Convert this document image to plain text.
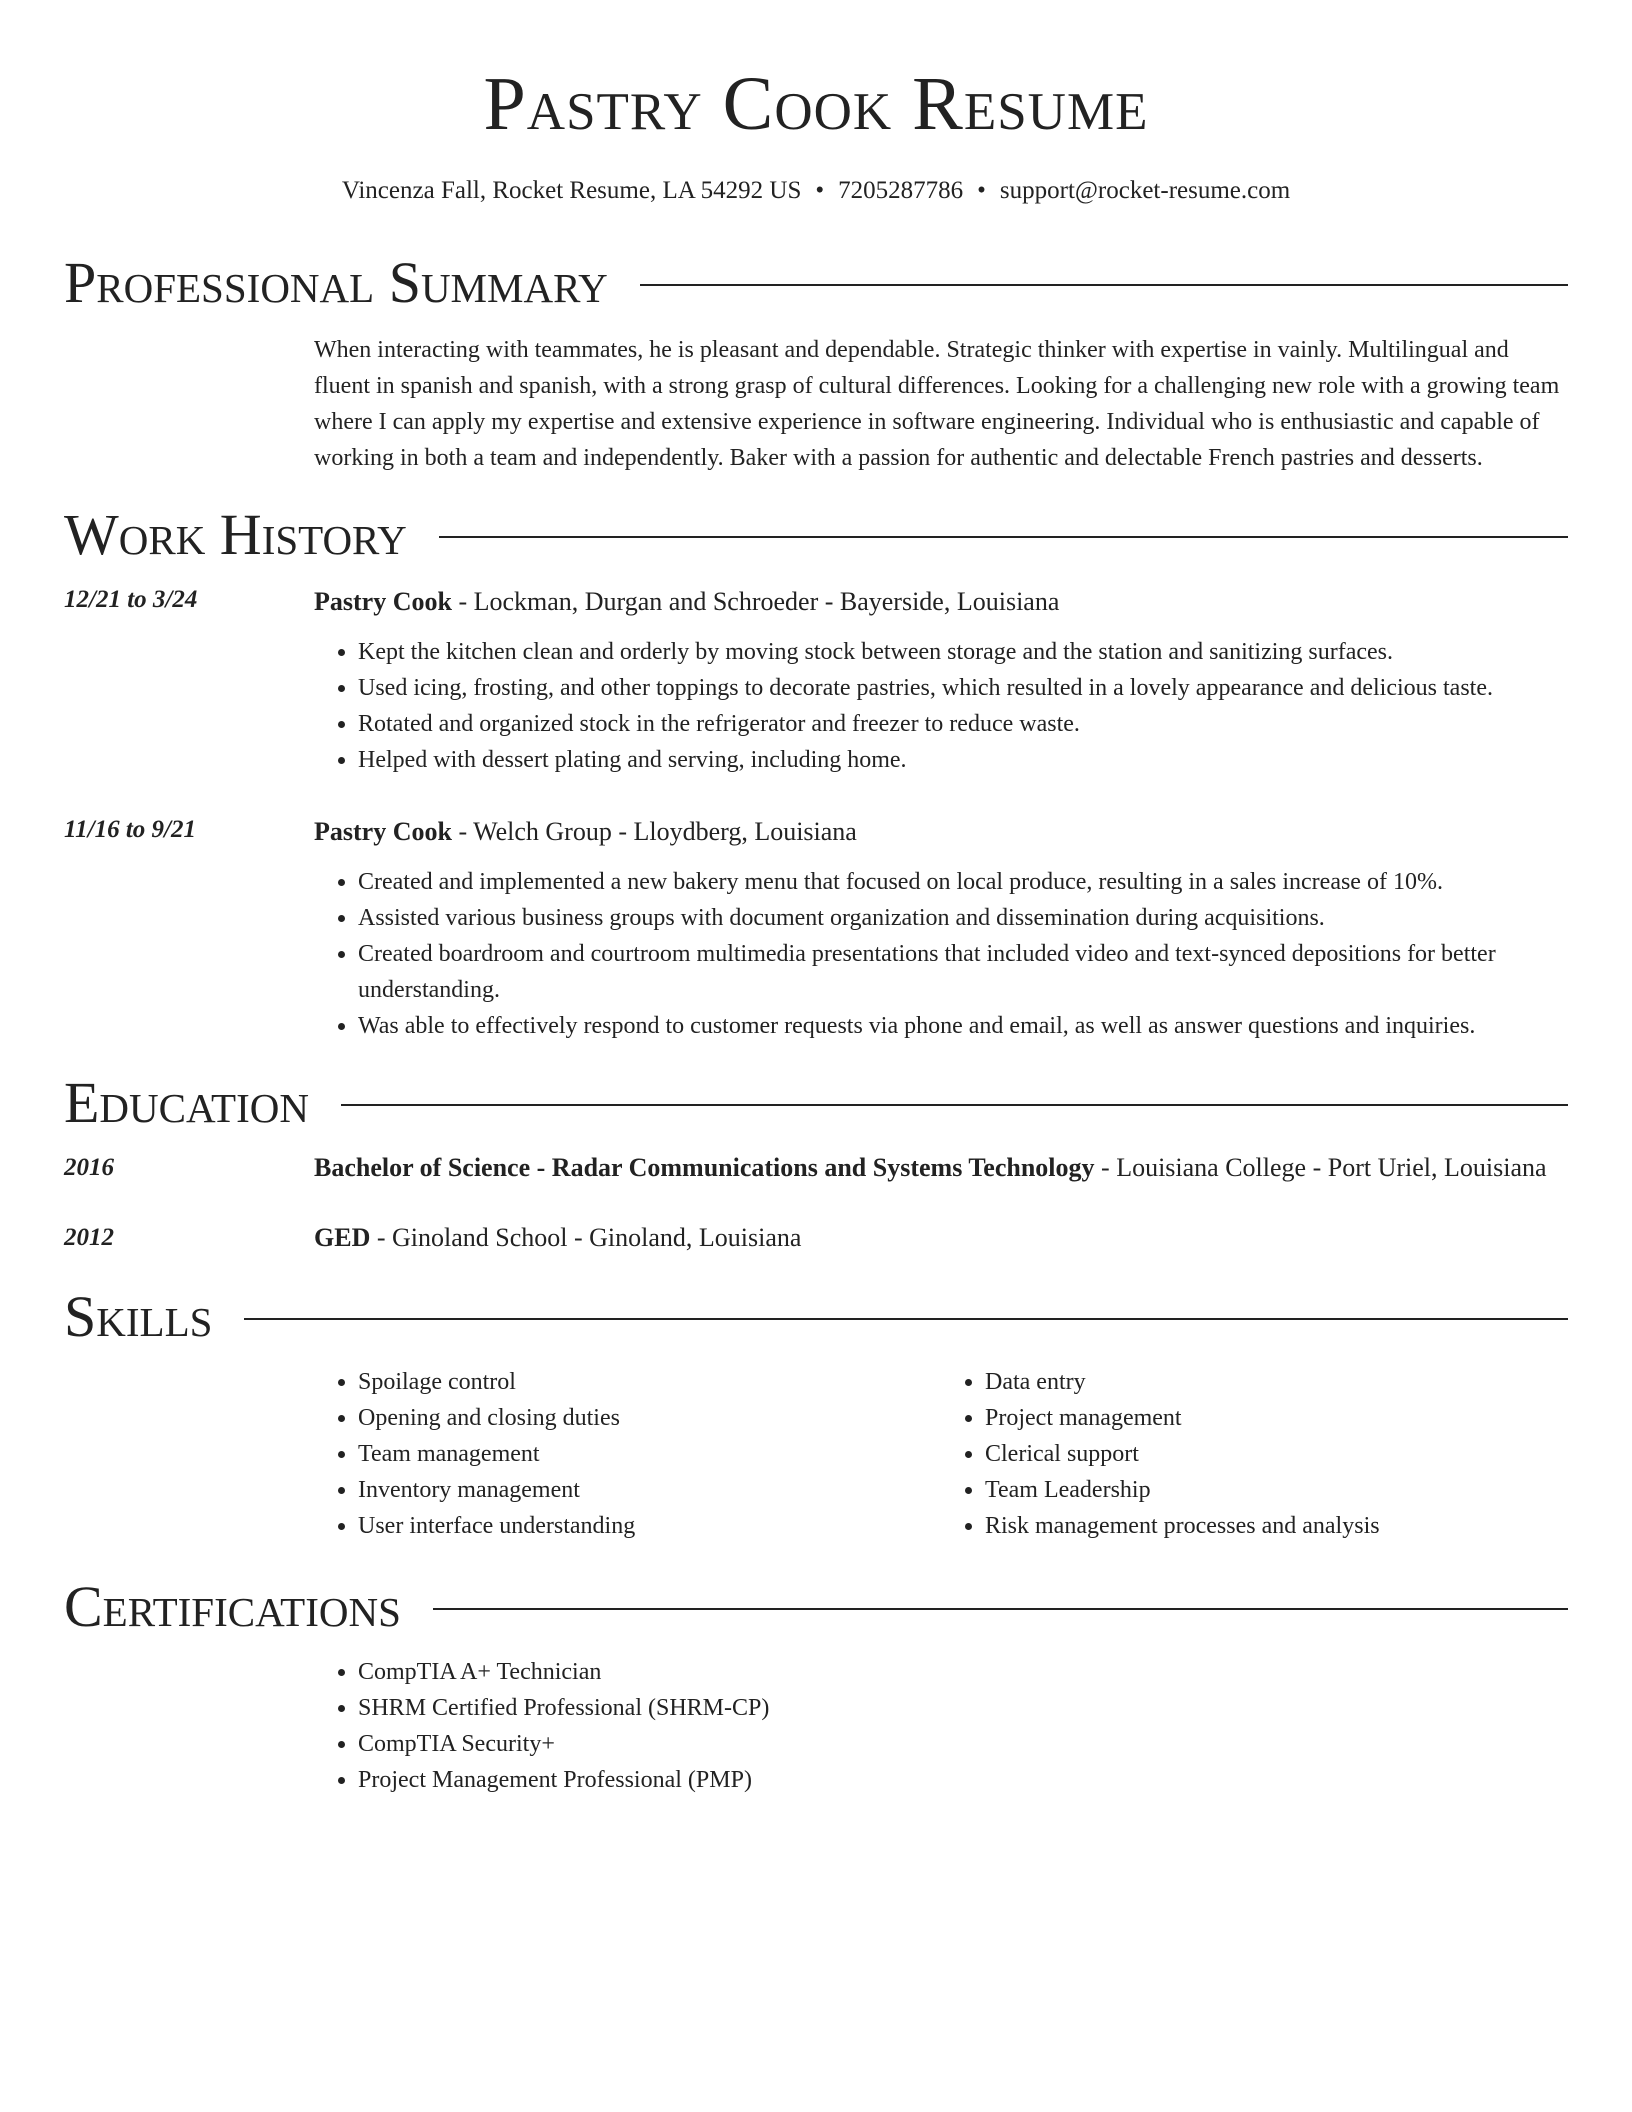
Pastry Cook Resume
Vincenza Fall, Rocket Resume, LA 54292 US • 7205287786 • support@rocket-resume.com
Professional Summary
When interacting with teammates, he is pleasant and dependable. Strategic thinker with expertise in vainly. Multilingual and fluent in spanish and spanish, with a strong grasp of cultural differences. Looking for a challenging new role with a growing team where I can apply my expertise and extensive experience in software engineering. Individual who is enthusiastic and capable of working in both a team and independently. Baker with a passion for authentic and delectable French pastries and desserts.
Work History
12/21 to 3/24	Pastry Cook - Lockman, Durgan and Schroeder - Bayerside, Louisiana
• Kept the kitchen clean and orderly by moving stock between storage and the station and sanitizing surfaces.
• Used icing, frosting, and other toppings to decorate pastries, which resulted in a lovely appearance and delicious taste.
• Rotated and organized stock in the refrigerator and freezer to reduce waste.
• Helped with dessert plating and serving, including home.
11/16 to 9/21	Pastry Cook - Welch Group - Lloydberg, Louisiana
• Created and implemented a new bakery menu that focused on local produce, resulting in a sales increase of 10%.
• Assisted various business groups with document organization and dissemination during acquisitions.
• Created boardroom and courtroom multimedia presentations that included video and text-synced depositions for better understanding.
• Was able to effectively respond to customer requests via phone and email, as well as answer questions and inquiries.
Education
2016	Bachelor of Science - Radar Communications and Systems Technology - Louisiana College - Port Uriel, Louisiana
2012	GED - Ginoland School - Ginoland, Louisiana
Skills
• Spoilage control
• Opening and closing duties
• Team management
• Inventory management
• User interface understanding
• Data entry
• Project management
• Clerical support
• Team Leadership
• Risk management processes and analysis
Certifications
• CompTIA A+ Technician
• SHRM Certified Professional (SHRM-CP)
• CompTIA Security+
• Project Management Professional (PMP)
